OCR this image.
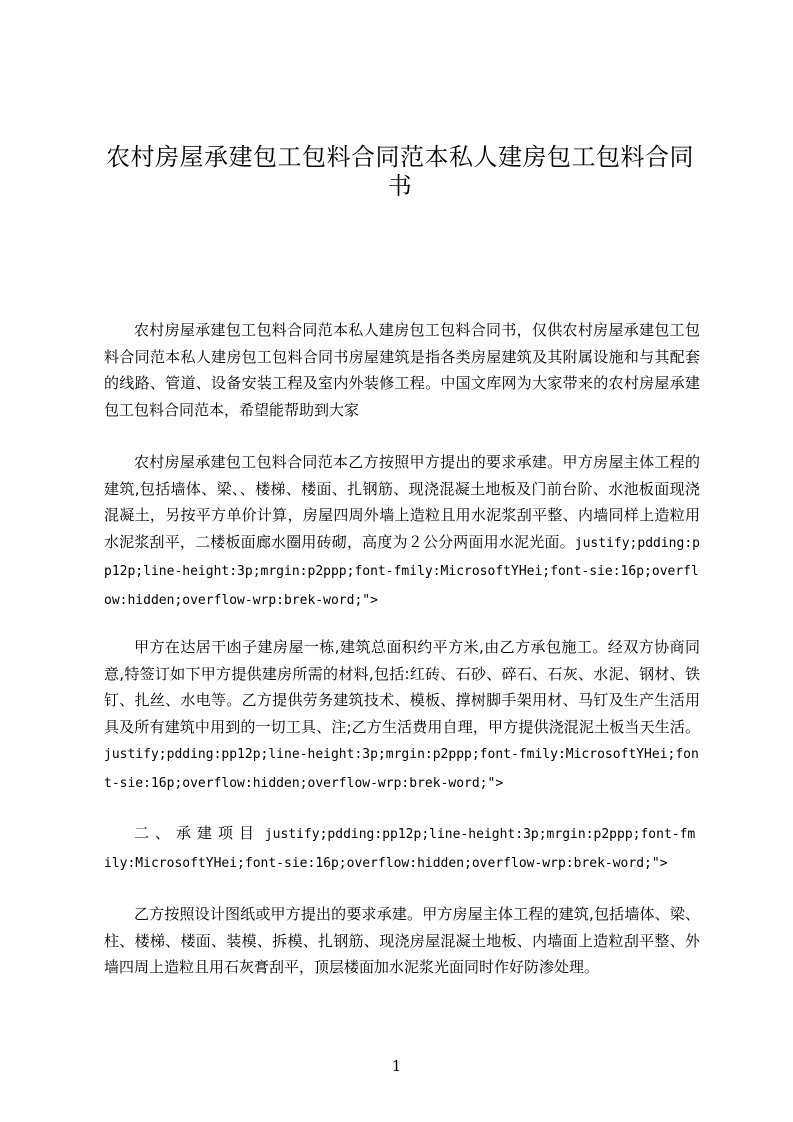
农村房屋承建包工包料合同范本私人建房包工包料合同书

农村房屋承建包工包料合同范本私人建房包工包料合同书，仅供农村房屋承建包工包料合同范本私人建房包工包料合同书房屋建筑是指各类房屋建筑及其附属设施和与其配套的线路、管道、设备安装工程及室内外装修工程。中国文库网为大家带来的农村房屋承建包工包料合同范本，希望能帮助到大家

农村房屋承建包工包料合同范本乙方按照甲方提出的要求承建。甲方房屋主体工程的建筑,包括墙体、梁、、楼梯、楼面、扎钢筋、现浇混凝土地板及门前台阶、水池板面现浇混凝土，另按平方单价计算，房屋四周外墙上造粒且用水泥浆刮平整、内墙同样上造粒用水泥浆刮平，二楼板面廊水圈用砖砌，高度为２公分两面用水泥光面。justify;pdding:pp12p;line-height:3p;mrgin:p2ppp;font-fmily:MicrosoftYHei;font-sie:16p;overflow:hidden;overflow-wrp:brek-word;">

甲方在达居干凼子建房屋一栋,建筑总面积约平方米,由乙方承包施工。经双方协商同意,特签订如下甲方提供建房所需的材料,包括:红砖、石砂、碎石、石灰、水泥、钢材、铁钉、扎丝、水电等。乙方提供劳务建筑技术、模板、撑树脚手架用材、马钉及生产生活用具及所有建筑中用到的一切工具、注;乙方生活费用自理，甲方提供浇混泥土板当天生活。justify;pdding:pp12p;line-height:3p;mrgin:p2ppp;font-fmily:MicrosoftYHei;font-sie:16p;overflow:hidden;overflow-wrp:brek-word;">

二、承建项目 justify;pdding:pp12p;line-height:3p;mrgin:p2ppp;font-fmily:MicrosoftYHei;font-sie:16p;overflow:hidden;overflow-wrp:brek-word;">

乙方按照设计图纸或甲方提出的要求承建。甲方房屋主体工程的建筑,包括墙体、梁、柱、楼梯、楼面、装模、拆模、扎钢筋、现浇房屋混凝土地板、内墙面上造粒刮平整、外墙四周上造粒且用石灰膏刮平，顶层楼面加水泥浆光面同时作好防渗处理。

1
